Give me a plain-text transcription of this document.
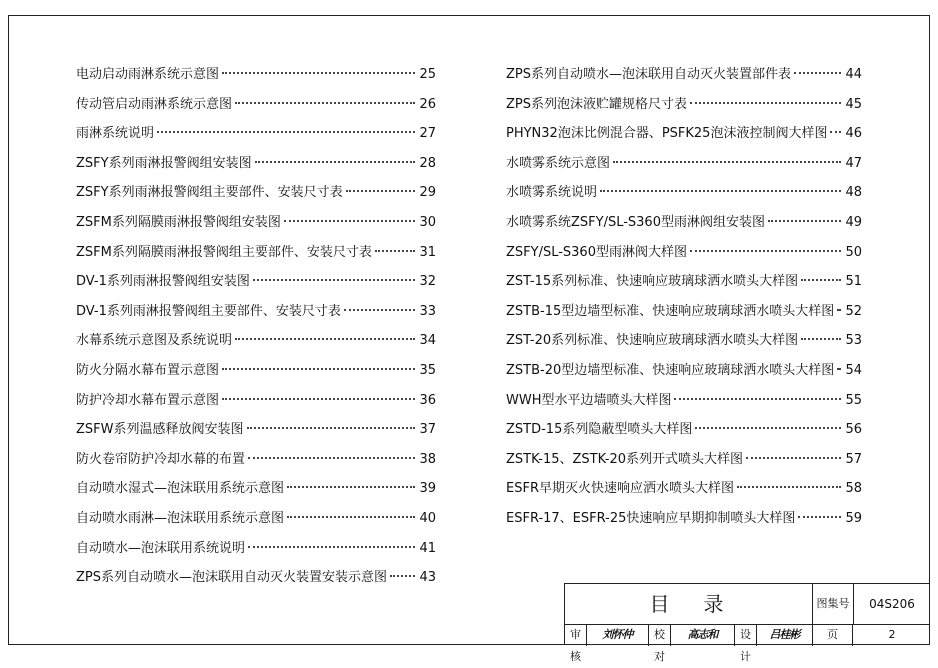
电动启动雨淋系统示意图	25
传动管启动雨淋系统示意图	26
雨淋系统说明	27
ZSFY系列雨淋报警阀组安装图	28
ZSFY系列雨淋报警阀组主要部件、安装尺寸表	29
ZSFM系列隔膜雨淋报警阀组安装图	30
ZSFM系列隔膜雨淋报警阀组主要部件、安装尺寸表	31
DV-1系列雨淋报警阀组安装图	32
DV-1系列雨淋报警阀组主要部件、安装尺寸表	33
水幕系统示意图及系统说明	34
防火分隔水幕布置示意图	35
防护冷却水幕布置示意图	36
ZSFW系列温感释放阀安装图	37
防火卷帘防护冷却水幕的布置	38
自动喷水湿式—泡沫联用系统示意图	39
自动喷水雨淋—泡沫联用系统示意图	40
自动喷水—泡沫联用系统说明	41
ZPS系列自动喷水—泡沫联用自动灭火装置安装示意图 43
ZPS系列自动喷水—泡沫联用自动灭火装置部件表	44
ZPS系列泡沫液贮罐规格尺寸表	45
PHYN32泡沫比例混合器、PSFK25泡沫液控制阀大样图 46
水喷雾系统示意图	47
水喷雾系统说明	48
水喷雾系统ZSFY/SL-S360型雨淋阀组安装图	49
ZSFY/SL-S360型雨淋阀大样图	50
ZST-15系列标准、快速响应玻璃球洒水喷头大样图	51
ZSTB-15型边墙型标准、快速响应玻璃球洒水喷头大样图 52
ZST-20系列标准、快速响应玻璃球洒水喷头大样图	53
ZSTB-20型边墙型标准、快速响应玻璃球洒水喷头大样图 54
WWH型水平边墙喷头大样图	55
ZSTD-15系列隐蔽型喷头大样图	56
ZSTK-15、ZSTK-20系列开式喷头大样图	57
ESFR早期灭火快速响应洒水喷头大样图	58
ESFR-17、ESFR-25快速响应早期抑制喷头大样图	59
目录	图集号	04S206
审核
刘怀仲	校对
高志和	设计
吕桂彬	页	2
